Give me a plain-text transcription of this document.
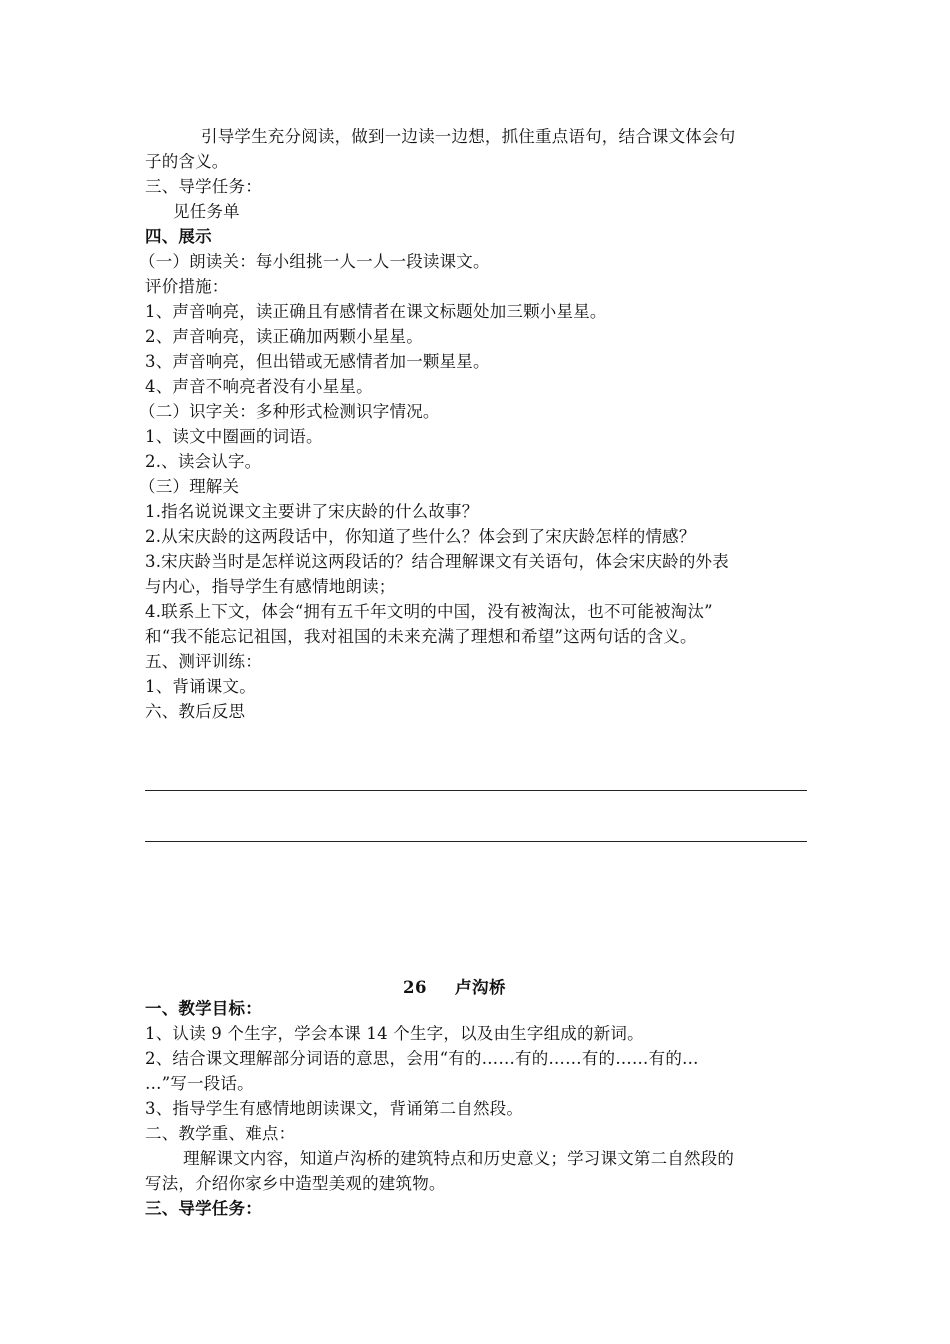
引导学生充分阅读，做到一边读一边想，抓住重点语句，结合课文体会句
子的含义。
三、导学任务：
见任务单
四、展示
（一）朗读关：每小组挑一人一人一段读课文。
评价措施：
1、声音响亮，读正确且有感情者在课文标题处加三颗小星星。
2、声音响亮，读正确加两颗小星星。
3、声音响亮，但出错或无感情者加一颗星星。
4、声音不响亮者没有小星星。
（二）识字关：多种形式检测识字情况。
1、读文中圈画的词语。
2.、读会认字。
（三）理解关
1.指名说说课文主要讲了宋庆龄的什么故事？
2.从宋庆龄的这两段话中，你知道了些什么？体会到了宋庆龄怎样的情感？
3.宋庆龄当时是怎样说这两段话的？结合理解课文有关语句，体会宋庆龄的外表
与内心，指导学生有感情地朗读；
4.联系上下文，体会“拥有五千年文明的中国，没有被淘汰，也不可能被淘汰”
和“我不能忘记祖国，我对祖国的未来充满了理想和希望”这两句话的含义。
五、测评训练：
1、背诵课文。
六、教后反思
26 卢沟桥
一、教学目标：
1、认读 9 个生字，学会本课 14 个生字，以及由生字组成的新词。
2、结合课文理解部分词语的意思，会用“有的……有的……有的……有的…
…”写一段话。
3、指导学生有感情地朗读课文，背诵第二自然段。
二、教学重、难点：
理解课文内容，知道卢沟桥的建筑特点和历史意义；学习课文第二自然段的
写法，介绍你家乡中造型美观的建筑物。
三、导学任务：
